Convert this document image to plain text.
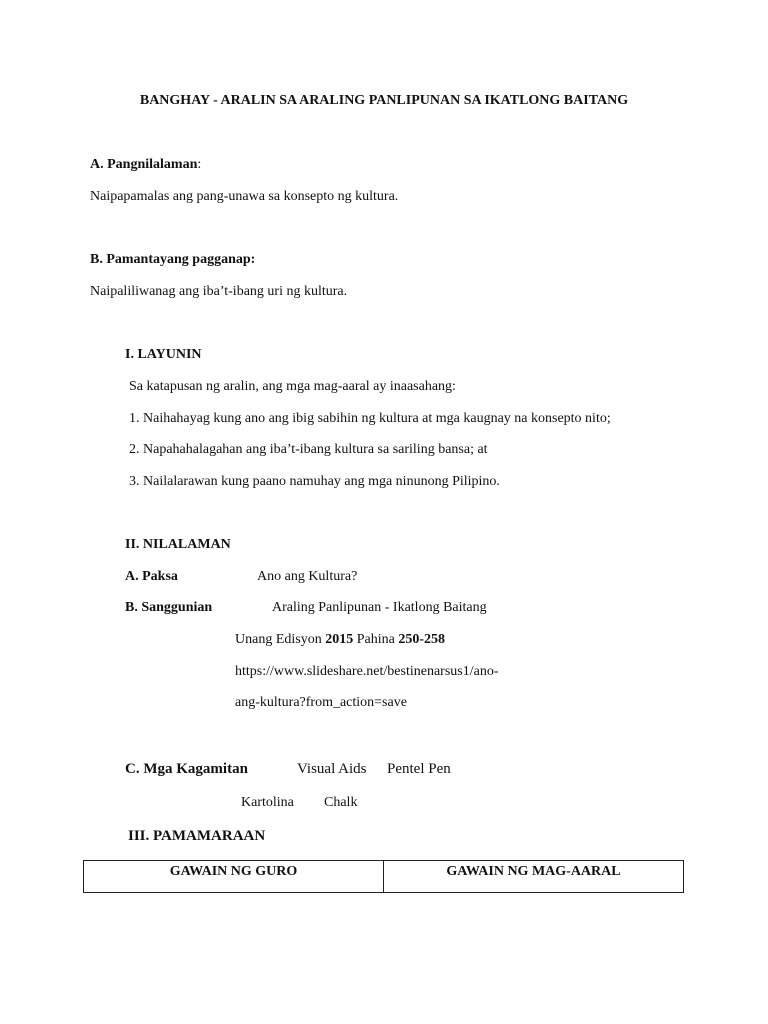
BANGHAY - ARALIN SA ARALING PANLIPUNAN SA IKATLONG BAITANG
A. Pangnilalaman:
Naipapamalas ang pang-unawa sa konsepto ng kultura.
B. Pamantayang pagganap:
Naipaliliwanag ang iba’t-ibang uri ng kultura.
I. LAYUNIN
Sa katapusan ng aralin, ang mga mag-aaral ay inaasahang:
1. Naihahayag kung ano ang ibig sabihin ng kultura at mga kaugnay na konsepto nito;
2. Napahahalagahan ang iba’t-ibang kultura sa sariling bansa; at
3. Nailalarawan kung paano namuhay ang mga ninunong Pilipino.
II. NILALAMAN
A. Paksa	Ano ang Kultura?
B. Sanggunian	Araling Panlipunan - Ikatlong Baitang
Unang Edisyon 2015 Pahina 250-258
https://www.slideshare.net/bestinenarsus1/ano-
ang-kultura?from_action=save
C. Mga Kagamitan	Visual Aids Pentel Pen
Kartolina Chalk
III. PAMAMARAAN
GAWAIN NG GURO	GAWAIN NG MAG-AARAL
